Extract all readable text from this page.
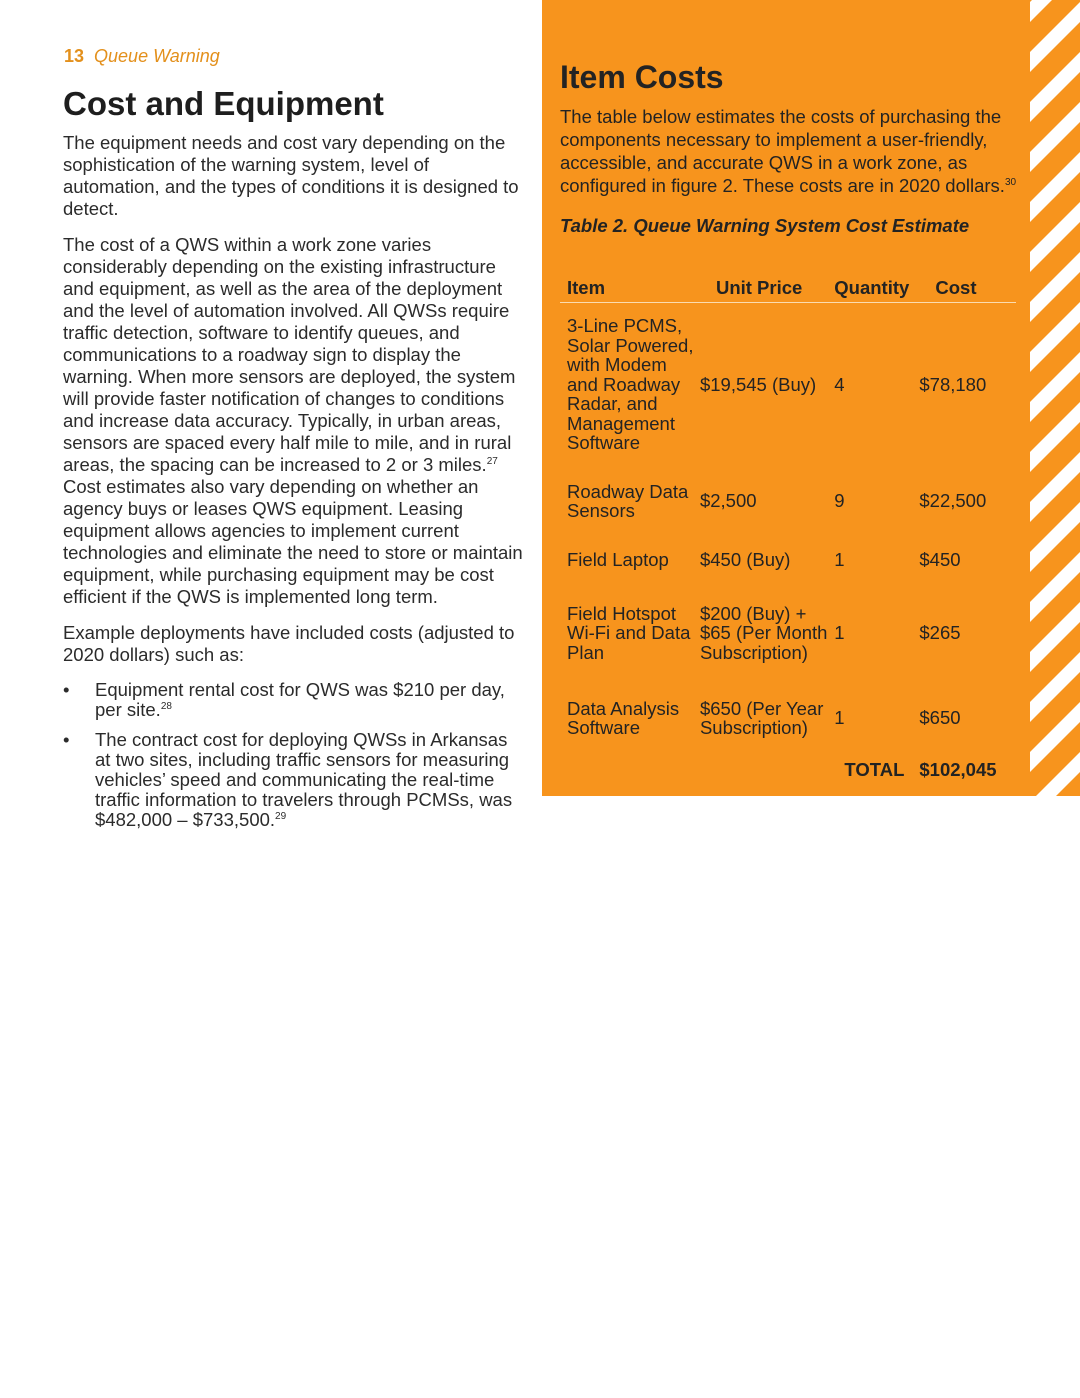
13 Queue Warning
Cost and Equipment

The equipment needs and cost vary depending on the sophistication of the warning system, level of automation, and the types of conditions it is designed to detect.

The cost of a QWS within a work zone varies considerably depending on the existing infrastructure and equipment, as well as the area of the deployment and the level of automation involved. All QWSs require traffic detection, software to identify queues, and communications to a roadway sign to display the warning. When more sensors are deployed, the system will provide faster notification of changes to conditions and increase data accuracy. Typically, in urban areas, sensors are spaced every half mile to mile, and in rural areas, the spacing can be increased to 2 or 3 miles.$^{27}$ Cost estimates also vary depending on whether an agency buys or leases QWS equipment. Leasing equipment allows agencies to implement current technologies and eliminate the need to store or maintain equipment, while purchasing equipment may be cost efficient if the QWS is implemented long term.

Example deployments have included costs (adjusted to 2020 dollars) such as:

• Equipment rental cost for QWS was $210 per day, per site.$^{28}$
• The contract cost for deploying QWSs in Arkansas at two sites, including traffic sensors for measuring vehicles’ speed and communicating the real-time traffic information to travelers through PCMSs, was $482,000 – $733,500.29
Item Costs

The table below estimates the costs of purchasing the components necessary to implement a user-friendly, accessible, and accurate QWS in a work zone, as configured in figure 2. These costs are in 2020 dollars.$^{30}$

Table 2. Queue Warning System Cost Estimate

Item	Unit Price	Quantity	Cost
3-Line PCMS, Solar Powered, with Modem and Roadway Radar, and Management Software	$19,545 (Buy)	4	$78,180
Roadway Data Sensors	$2,500	9	$22,500
Field Laptop	$450 (Buy)	1	$450
Field Hotspot Wi-Fi and Data Plan	$200 (Buy) + $65 (Per Month Subscription)	1	$265
Data Analysis Software	$650 (Per Year Subscription)	1	$650
TOTAL			$102,045
